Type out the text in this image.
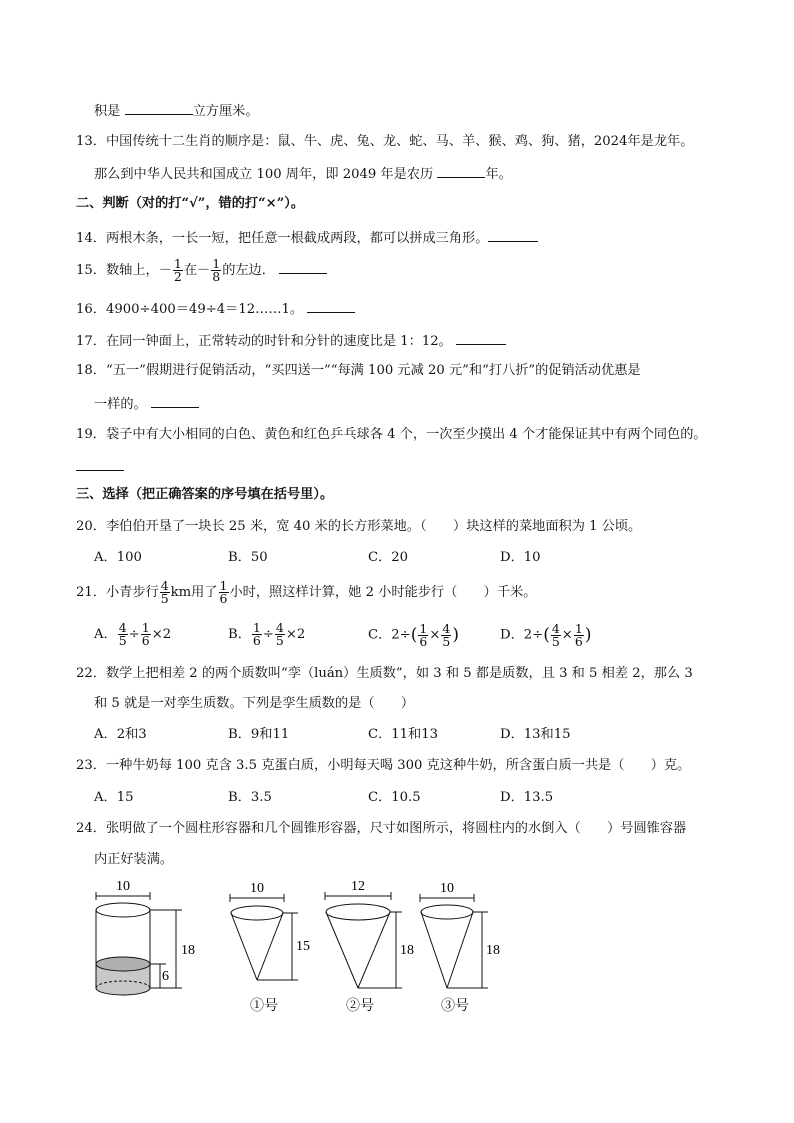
积是	立方厘米。
13．中国传统十二生肖的顺序是：鼠、牛、虎、兔、龙、蛇、马、羊、猴、鸡、狗、猪，2024年是龙年。
那么到中华人民共和国成立 100 周年，即 2049 年是农历	年。
二、判断（对的打“√”，错的打“×”）。
14．两根木条，一长一短，把任意一根截成两段，都可以拼成三角形。
15．数轴上，－ $\frac{1}{2}$ 在－ $\frac{1}{8}$ 的左边．
16．4900÷400＝49÷4＝12……1。
17．在同一钟面上，正常转动的时针和分针的速度比是 1：12。
18．“五一”假期进行促销活动，“买四送一”“每满 100 元减 20 元”和“打八折”的促销活动优惠是
一样的。
19．袋子中有大小相同的白色、黄色和红色乒乓球各 4 个，一次至少摸出 4 个才能保证其中有两个同色的。
三、选择（把正确答案的序号填在括号里）。
20．李伯伯开垦了一块长 25 米，宽 40 米的长方形菜地。（　　）块这样的菜地面积为 1 公顷。
A．100	B．50	C．20	D．10
21．小青步行 $\frac{4}{5}$ km用了 $\frac{1}{6}$ 小时，照这样计算，她 2 小时能步行（　　）千米。
A． $\frac{4}{5} \div \frac{1}{6} \times 2$	B． $\frac{1}{6} \div \frac{4}{5} \times 2$	C．$2\div( \frac{1}{6} \times \frac{4}{5}$ )	D．$2\div( \frac{4}{5} \times \frac{1}{6}$ )
22．数学上把相差 2 的两个质数叫“孪（luán）生质数”，如 3 和 5 都是质数，且 3 和 5 相差 2，那么 3
和 5 就是一对孪生质数。下列是孪生质数的是（　　）
A．2和3	B．9和11	C．11和13	D．13和15
23．一种牛奶每 100 克含 3.5 克蛋白质，小明每天喝 300 克这种牛奶，所含蛋白质一共是（　　）克。
A．15	B．3.5	C．10.5	D．13.5
24．张明做了一个圆柱形容器和几个圆锥形容器，尺寸如图所示，将圆柱内的水倒入（　　）号圆锥容器
内正好装满。
10
18
6
10
15
①号
12
18
②号
10
18
③号
